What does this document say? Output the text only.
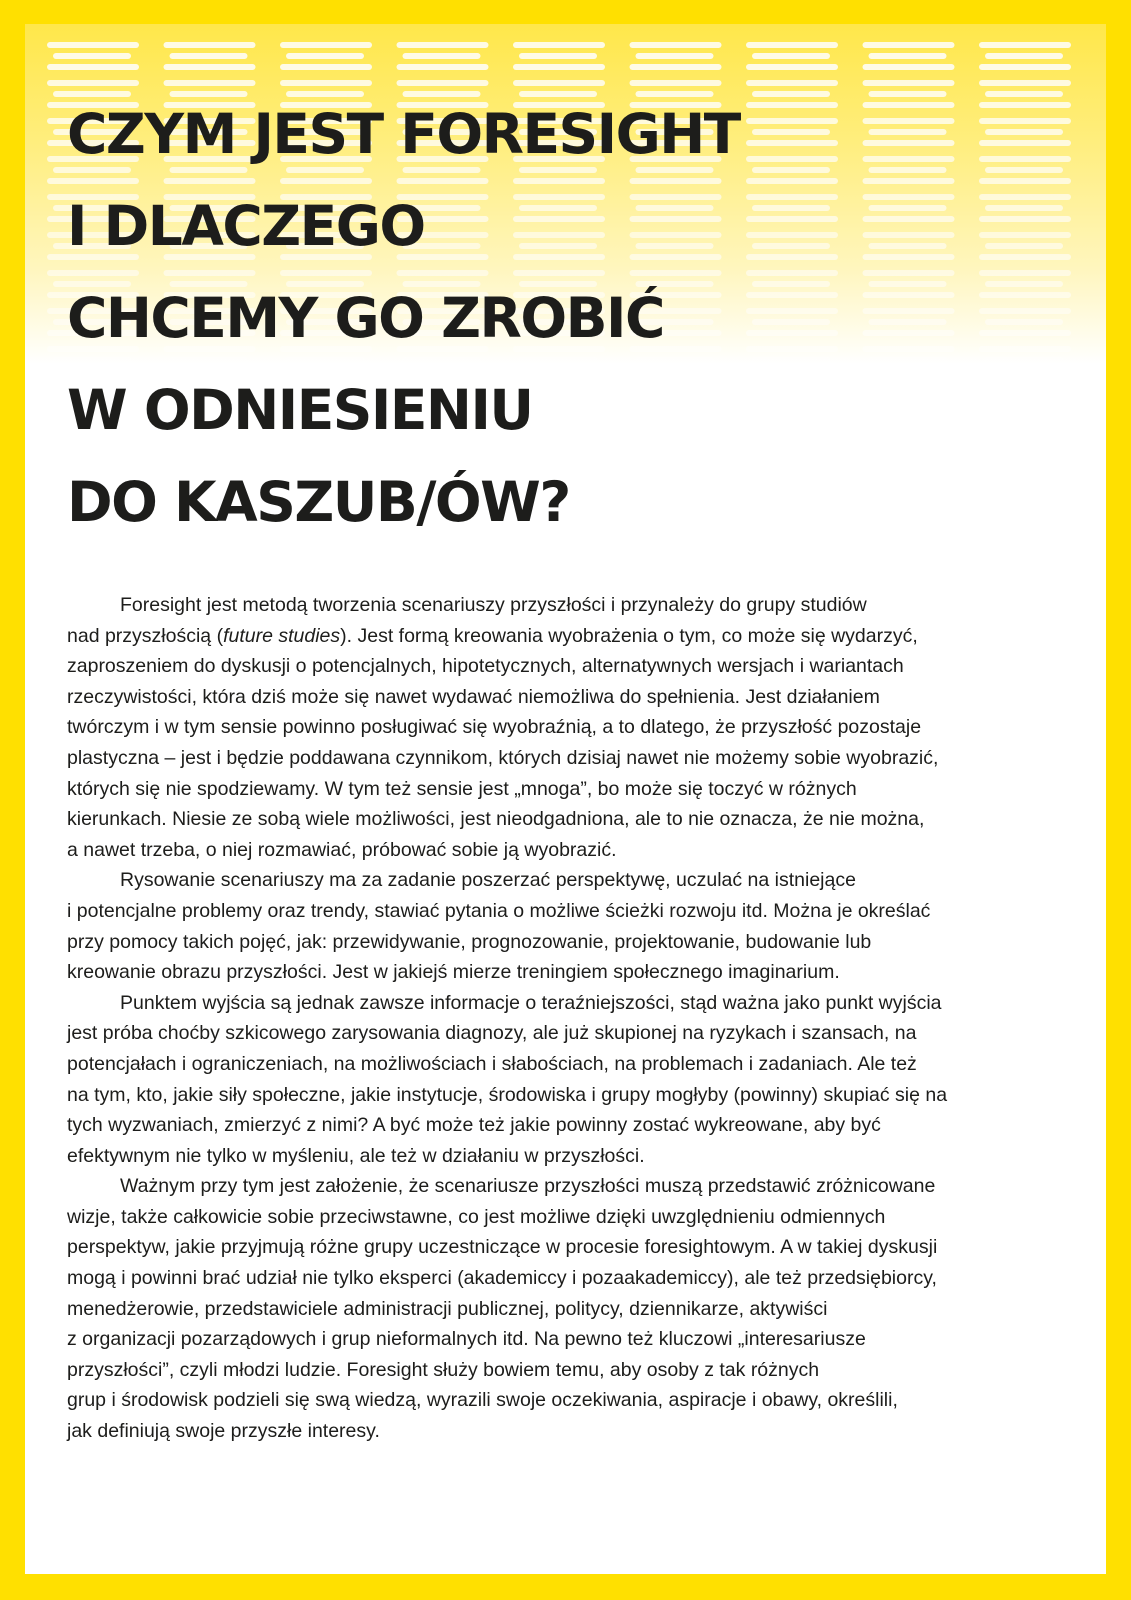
CZYM JEST FORESIGHT
I DLACZEGO
CHCEMY GO ZROBIĆ
W ODNIESIENIU
DO KASZUB/ÓW?

Foresight jest metodą tworzenia scenariuszy przyszłości i przynależy do grupy studiów
nad przyszłością (future studies). Jest formą kreowania wyobrażenia o tym, co może się wydarzyć,
zaproszeniem do dyskusji o potencjalnych, hipotetycznych, alternatywnych wersjach i wariantach
rzeczywistości, która dziś może się nawet wydawać niemożliwa do spełnienia. Jest działaniem
twórczym i w tym sensie powinno posługiwać się wyobraźnią, a to dlatego, że przyszłość pozostaje
plastyczna – jest i będzie poddawana czynnikom, których dzisiaj nawet nie możemy sobie wyobrazić,
których się nie spodziewamy. W tym też sensie jest „mnoga”, bo może się toczyć w różnych
kierunkach. Niesie ze sobą wiele możliwości, jest nieodgadniona, ale to nie oznacza, że nie można,
a nawet trzeba, o niej rozmawiać, próbować sobie ją wyobrazić.

Rysowanie scenariuszy ma za zadanie poszerzać perspektywę, uczulać na istniejące
i potencjalne problemy oraz trendy, stawiać pytania o możliwe ścieżki rozwoju itd. Można je określać
przy pomocy takich pojęć, jak: przewidywanie, prognozowanie, projektowanie, budowanie lub
kreowanie obrazu przyszłości. Jest w jakiejś mierze treningiem społecznego imaginarium.

Punktem wyjścia są jednak zawsze informacje o teraźniejszości, stąd ważna jako punkt wyjścia
jest próba choćby szkicowego zarysowania diagnozy, ale już skupionej na ryzykach i szansach, na
potencjałach i ograniczeniach, na możliwościach i słabościach, na problemach i zadaniach. Ale też
na tym, kto, jakie siły społeczne, jakie instytucje, środowiska i grupy mogłyby (powinny) skupiać się na
tych wyzwaniach, zmierzyć z nimi? A być może też jakie powinny zostać wykreowane, aby być
efektywnym nie tylko w myśleniu, ale też w działaniu w przyszłości.

Ważnym przy tym jest założenie, że scenariusze przyszłości muszą przedstawić zróżnicowane
wizje, także całkowicie sobie przeciwstawne, co jest możliwe dzięki uwzględnieniu odmiennych
perspektyw, jakie przyjmują różne grupy uczestniczące w procesie foresightowym. A w takiej dyskusji
mogą i powinni brać udział nie tylko eksperci (akademiccy i pozaakademiccy), ale też przedsiębiorcy,
menedżerowie, przedstawiciele administracji publicznej, politycy, dziennikarze, aktywiści
z organizacji pozarządowych i grup nieformalnych itd. Na pewno też kluczowi „interesariusze
przyszłości”, czyli młodzi ludzie. Foresight służy bowiem temu, aby osoby z tak różnych
grup i środowisk podzieli się swą wiedzą, wyrazili swoje oczekiwania, aspiracje i obawy, określili,
jak definiują swoje przyszłe interesy.
